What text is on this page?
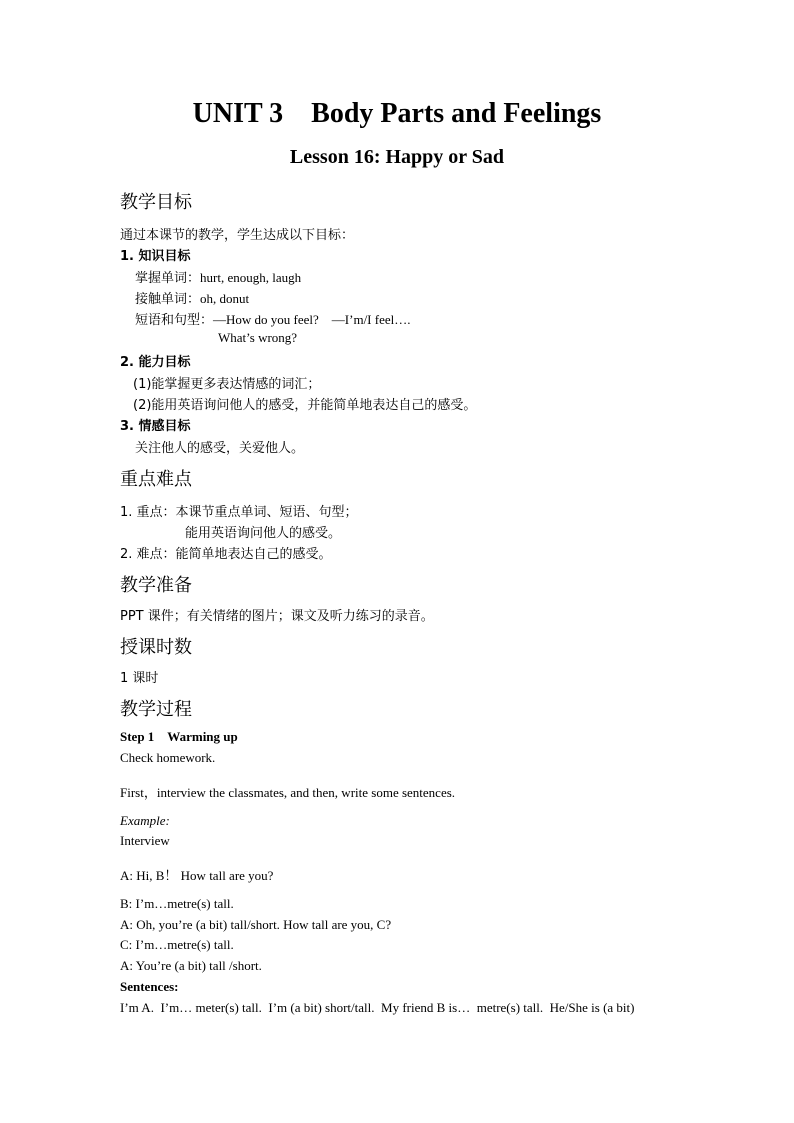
UNIT 3    Body Parts and Feelings
Lesson 16: Happy or Sad
教学目标
通过本课节的教学，学生达成以下目标：
1. 知识目标
掌握单词：hurt, enough, laugh
接触单词：oh, donut
短语和句型：—How do you feel?    —I’m/I feel….
What’s wrong?
2. 能力目标
(1)能掌握更多表达情感的词汇；
(2)能用英语询问他人的感受，并能简单地表达自己的感受。
3. 情感目标
关注他人的感受，关爱他人。
重点难点
1. 重点：本课节重点单词、短语、句型；
能用英语询问他人的感受。
2. 难点：能简单地表达自己的感受。
教学准备
PPT 课件；有关情绪的图片；课文及听力练习的录音。
授课时数
1 课时
教学过程
Step 1    Warming up
Check homework.
First，interview the classmates, and then, write some sentences.
Example:
Interview
A: Hi, B！ How tall are you?
B: I’m…metre(s) tall.
A: Oh, you’re (a bit) tall/short. How tall are you, C?
C: I’m…metre(s) tall.
A: You’re (a bit) tall /short.
Sentences:
I’m A.  I’m… meter(s) tall.  I’m (a bit) short/tall.  My friend B is…  metre(s) tall.  He/She is (a bit)
